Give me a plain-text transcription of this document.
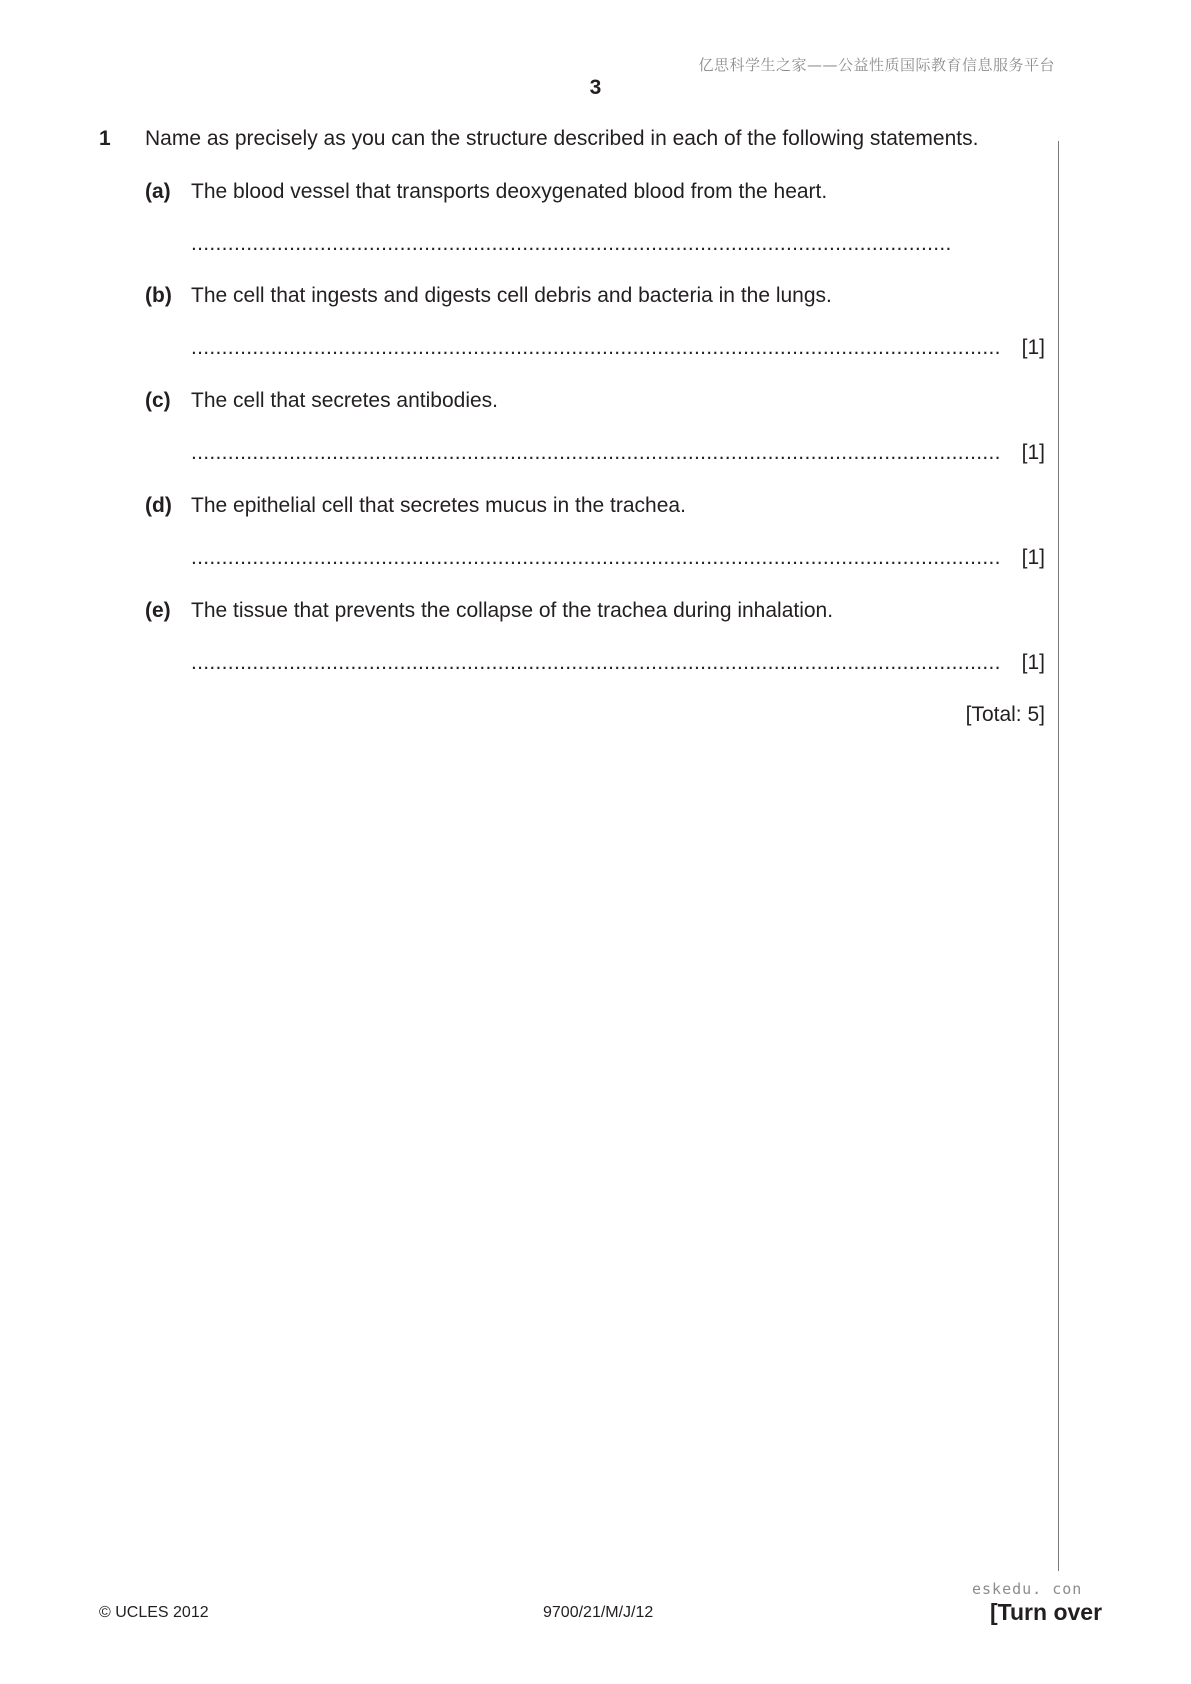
亿思科学生之家——公益性质国际教育信息服务平台
3
1 Name as precisely as you can the structure described in each of the following statements.
(a) The blood vessel that transports deoxygenated blood from the heart.
............................................................................................................................
(b) The cell that ingests and digests cell debris and bacteria in the lungs.
.................................................................................................................................... [1]
(c) The cell that secretes antibodies.
.................................................................................................................................... [1]
(d) The epithelial cell that secretes mucus in the trachea.
.................................................................................................................................... [1]
(e) The tissue that prevents the collapse of the trachea during inhalation.
.................................................................................................................................... [1]
[Total: 5]
© UCLES 2012	9700/21/M/J/12
eskedu. con
[Turn over
